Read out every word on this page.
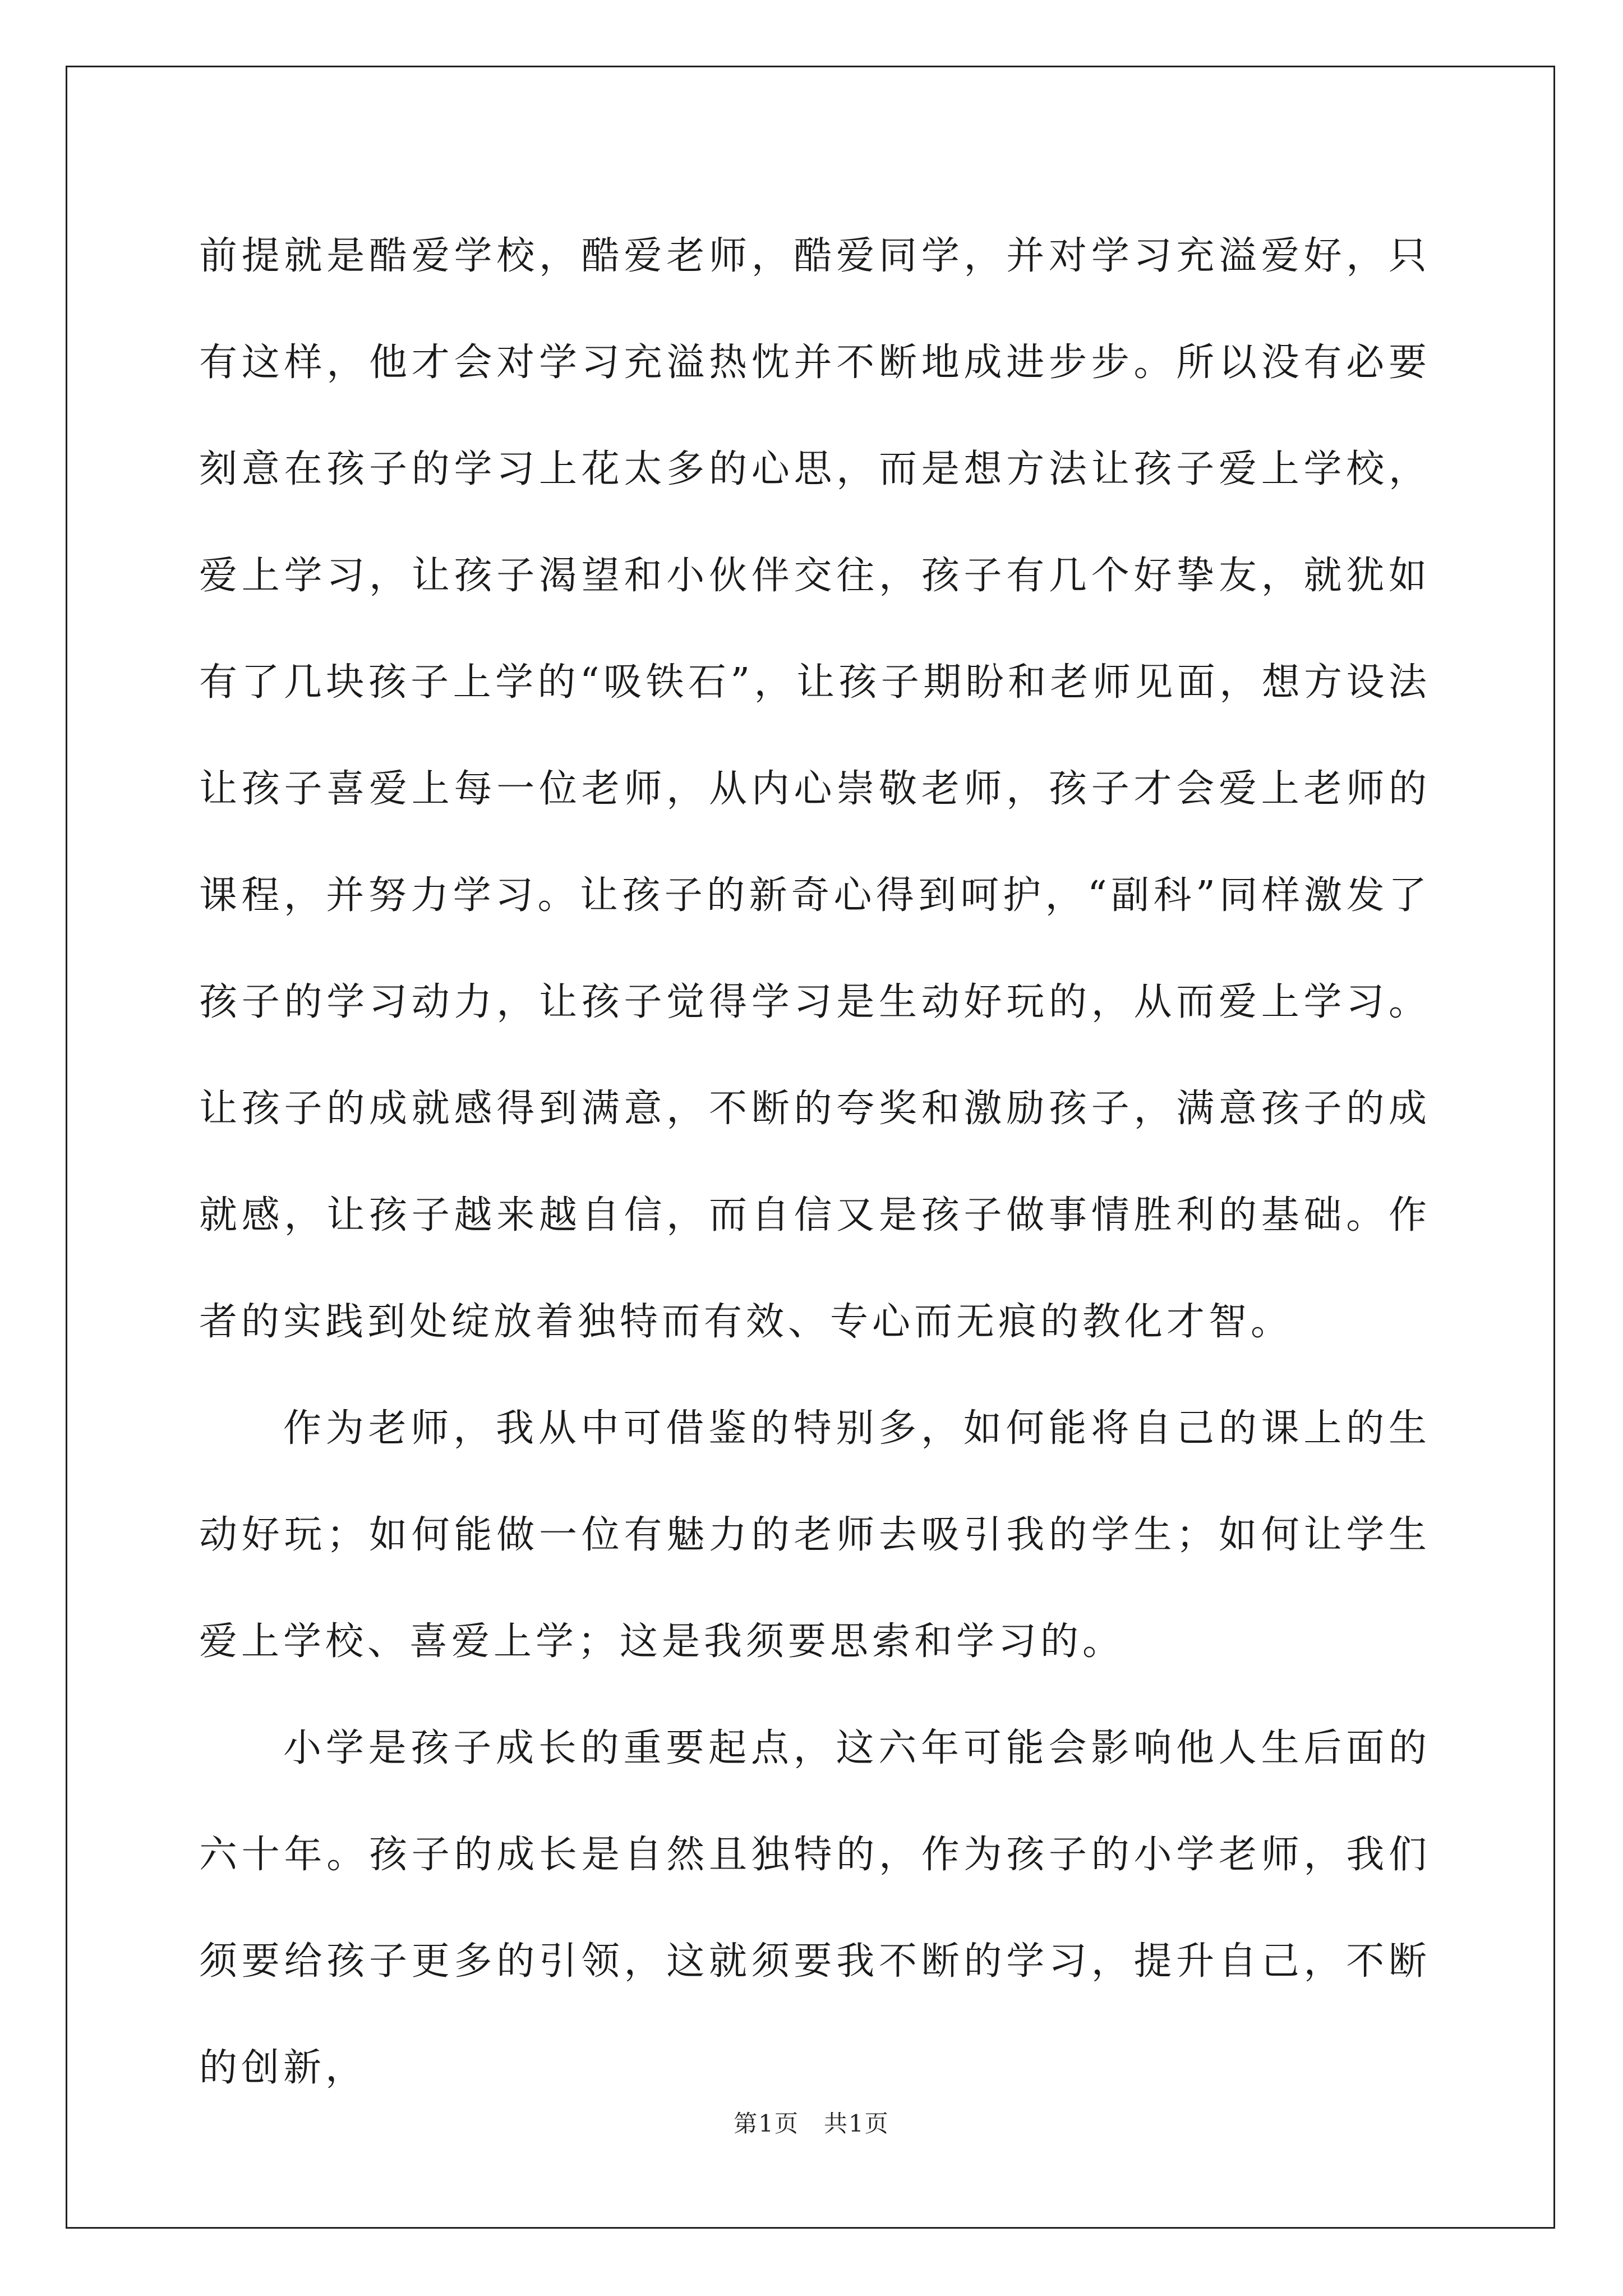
前提就是酷爱学校，酷爱老师，酷爱同学，并对学习充溢爱好，只有这样，他才会对学习充溢热忱并不断地成进步步。所以没有必要刻意在孩子的学习上花太多的心思，而是想方法让孩子爱上学校，爱上学习，让孩子渴望和小伙伴交往，孩子有几个好挚友，就犹如有了几块孩子上学的“吸铁石”，让孩子期盼和老师见面，想方设法让孩子喜爱上每一位老师，从内心崇敬老师，孩子才会爱上老师的课程，并努力学习。让孩子的新奇心得到呵护，“副科”同样激发了孩子的学习动力，让孩子觉得学习是生动好玩的，从而爱上学习。让孩子的成就感得到满意，不断的夸奖和激励孩子，满意孩子的成就感，让孩子越来越自信，而自信又是孩子做事情胜利的基础。作者的实践到处绽放着独特而有效、专心而无痕的教化才智。

作为老师，我从中可借鉴的特别多，如何能将自己的课上的生动好玩；如何能做一位有魅力的老师去吸引我的学生；如何让学生爱上学校、喜爱上学；这是我须要思索和学习的。

小学是孩子成长的重要起点，这六年可能会影响他人生后面的六十年。孩子的成长是自然且独特的，作为孩子的小学老师，我们须要给孩子更多的引领，这就须要我不断的学习，提升自己，不断的创新，

第1页　共1页
